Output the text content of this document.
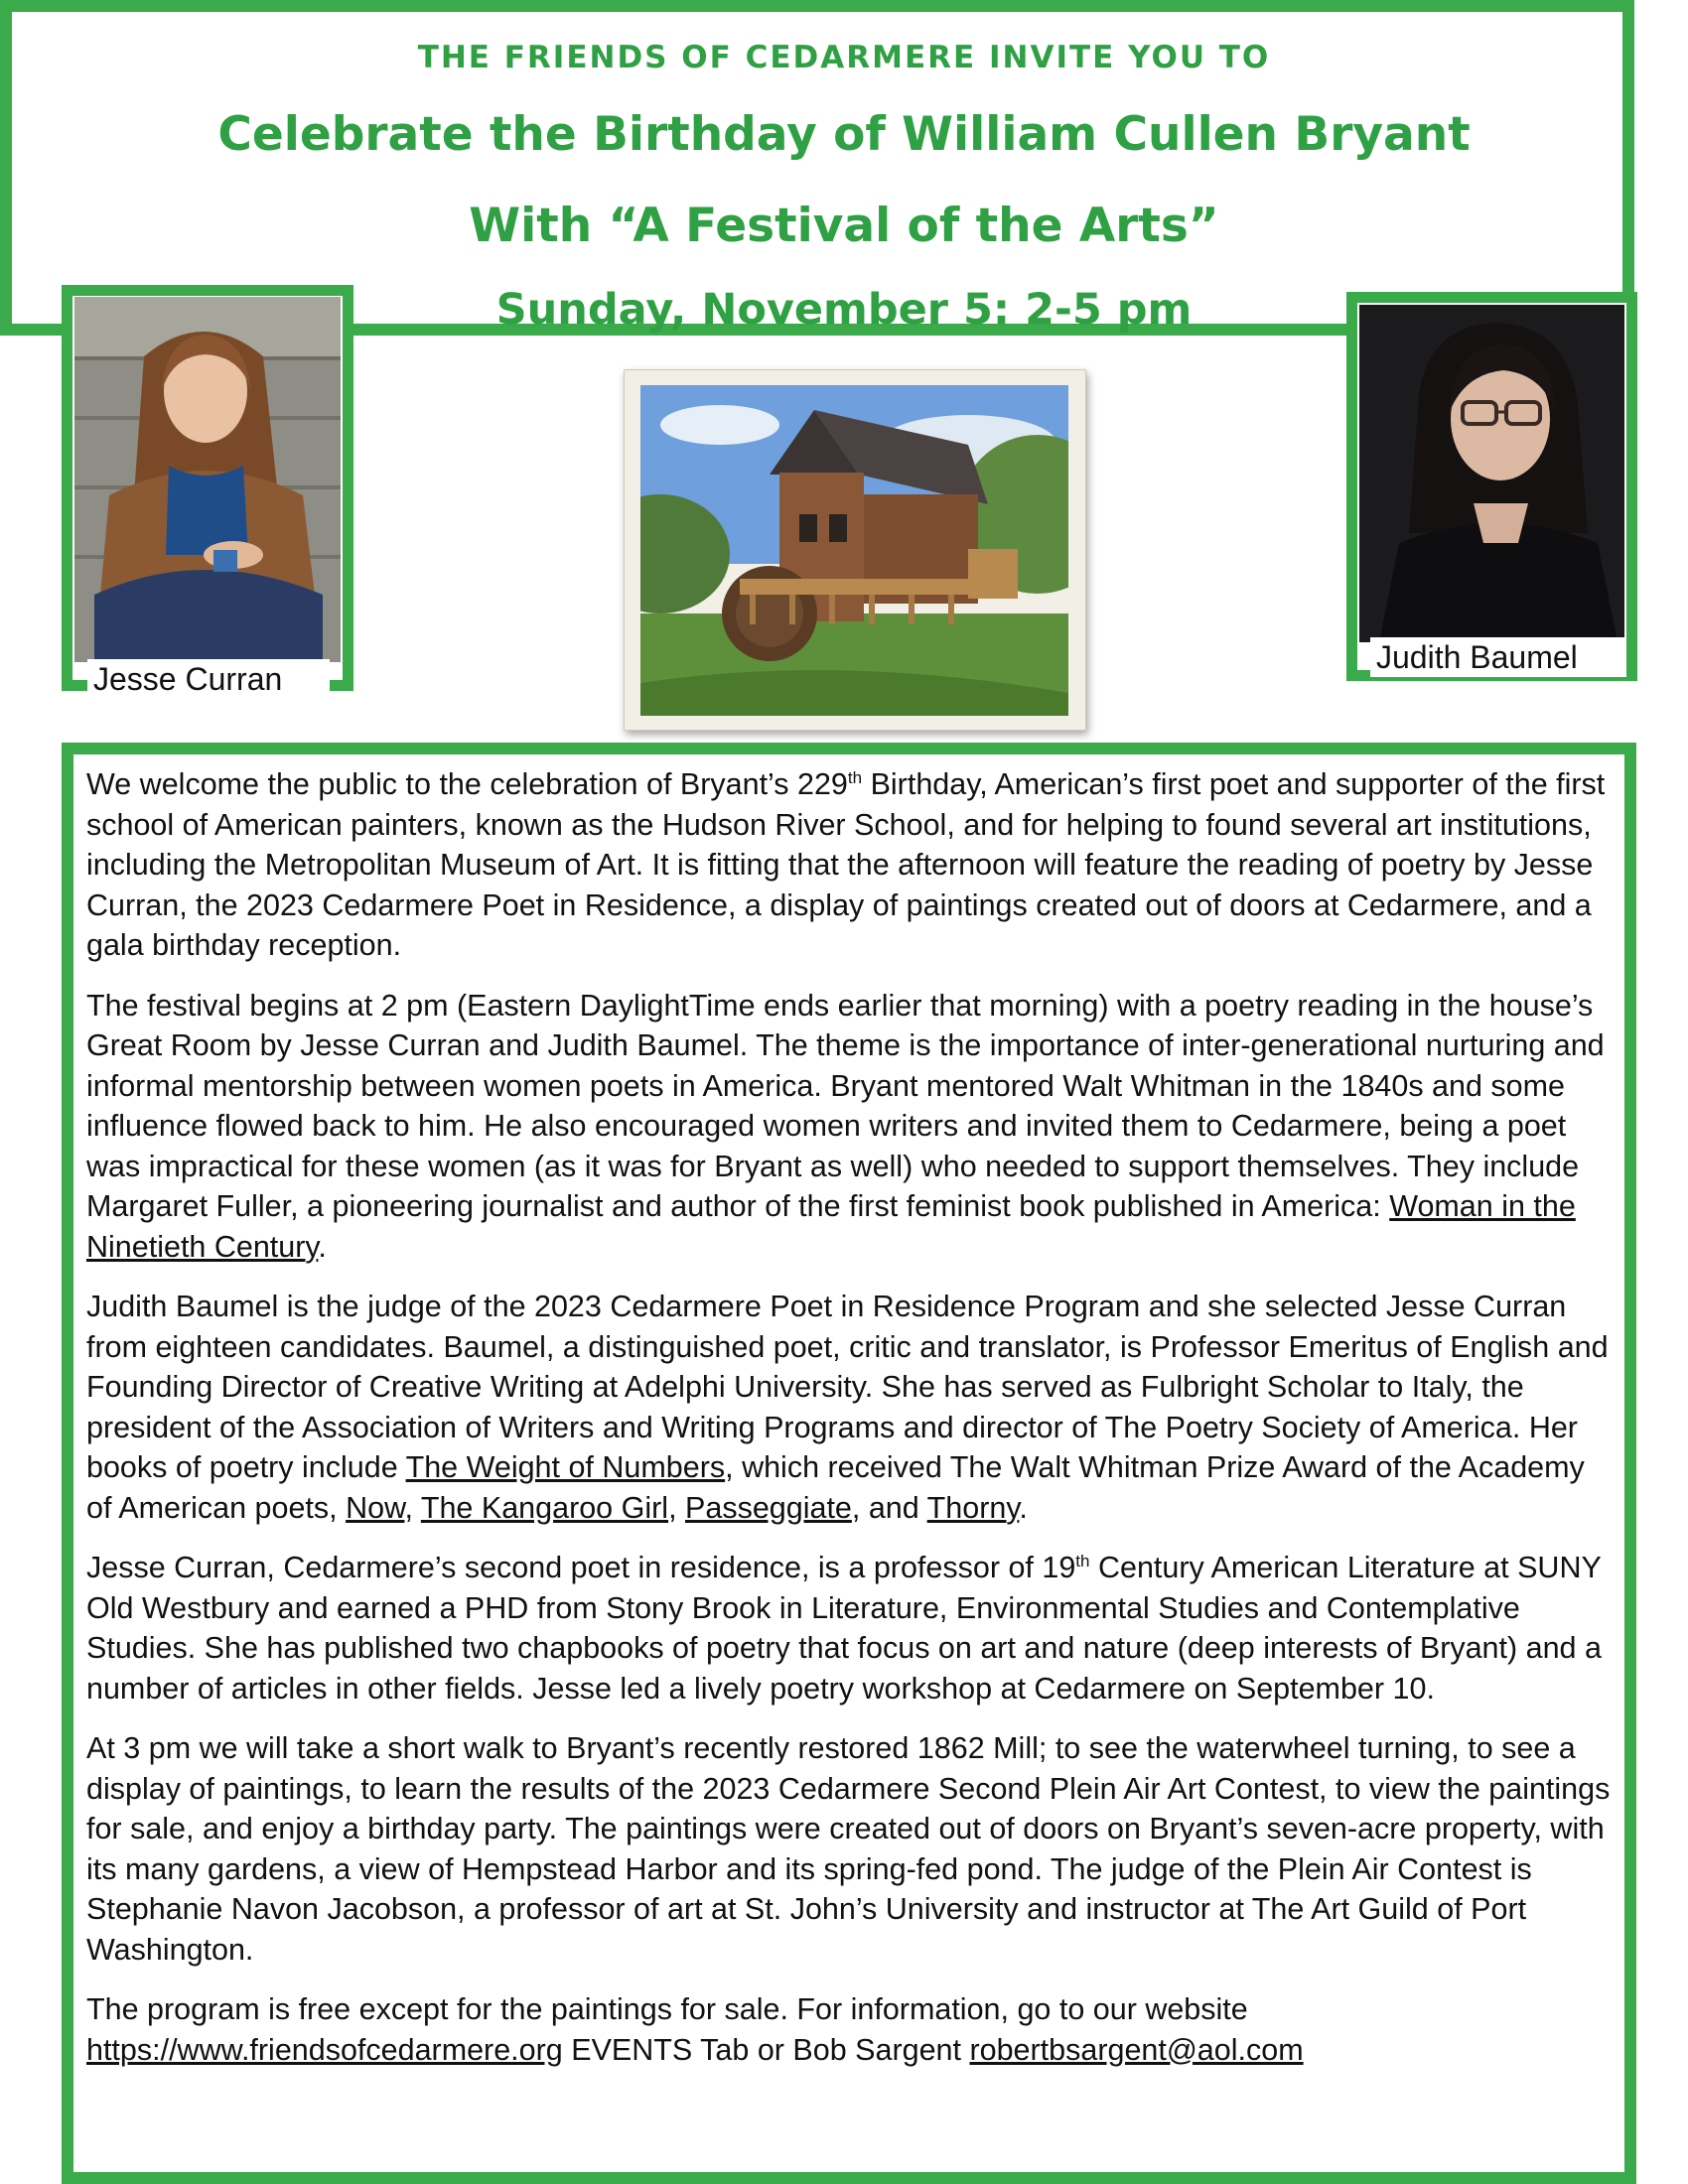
THE FRIENDS OF CEDARMERE INVITE YOU TO
Celebrate the Birthday of William Cullen Bryant
With “A Festival of the Arts”
Sunday, November 5: 2-5 pm
Jesse Curran
Judith Baumel

We welcome the public to the celebration of Bryant’s 229th Birthday, American’s first poet and supporter of the first school of American painters, known as the Hudson River School, and for helping to found several art institutions, including the Metropolitan Museum of Art. It is fitting that the afternoon will feature the reading of poetry by Jesse Curran, the 2023 Cedarmere Poet in Residence, a display of paintings created out of doors at Cedarmere, and a gala birthday reception.

The festival begins at 2 pm (Eastern DaylightTime ends earlier that morning) with a poetry reading in the house’s Great Room by Jesse Curran and Judith Baumel. The theme is the importance of inter-generational nurturing and informal mentorship between women poets in America. Bryant mentored Walt Whitman in the 1840s and some influence flowed back to him. He also encouraged women writers and invited them to Cedarmere, being a poet was impractical for these women (as it was for Bryant as well) who needed to support themselves. They include Margaret Fuller, a pioneering journalist and author of the first feminist book published in America: Woman in the Ninetieth Century.

Judith Baumel is the judge of the 2023 Cedarmere Poet in Residence Program and she selected Jesse Curran from eighteen candidates. Baumel, a distinguished poet, critic and translator, is Professor Emeritus of English and Founding Director of Creative Writing at Adelphi University. She has served as Fulbright Scholar to Italy, the president of the Association of Writers and Writing Programs and director of The Poetry Society of America. Her books of poetry include The Weight of Numbers, which received The Walt Whitman Prize Award of the Academy of American poets, Now, The Kangaroo Girl, Passeggiate, and Thorny.

Jesse Curran, Cedarmere’s second poet in residence, is a professor of 19th Century American Literature at SUNY Old Westbury and earned a PHD from Stony Brook in Literature, Environmental Studies and Contemplative Studies. She has published two chapbooks of poetry that focus on art and nature (deep interests of Bryant) and a number of articles in other fields. Jesse led a lively poetry workshop at Cedarmere on September 10.

At 3 pm we will take a short walk to Bryant’s recently restored 1862 Mill; to see the waterwheel turning, to see a display of paintings, to learn the results of the 2023 Cedarmere Second Plein Air Art Contest, to view the paintings for sale, and enjoy a birthday party. The paintings were created out of doors on Bryant’s seven-acre property, with its many gardens, a view of Hempstead Harbor and its spring-fed pond. The judge of the Plein Air Contest is Stephanie Navon Jacobson, a professor of art at St. John’s University and instructor at The Art Guild of Port Washington.

The program is free except for the paintings for sale. For information, go to our website https://www.friendsofcedarmere.org EVENTS Tab or Bob Sargent robertbsargent@aol.com
